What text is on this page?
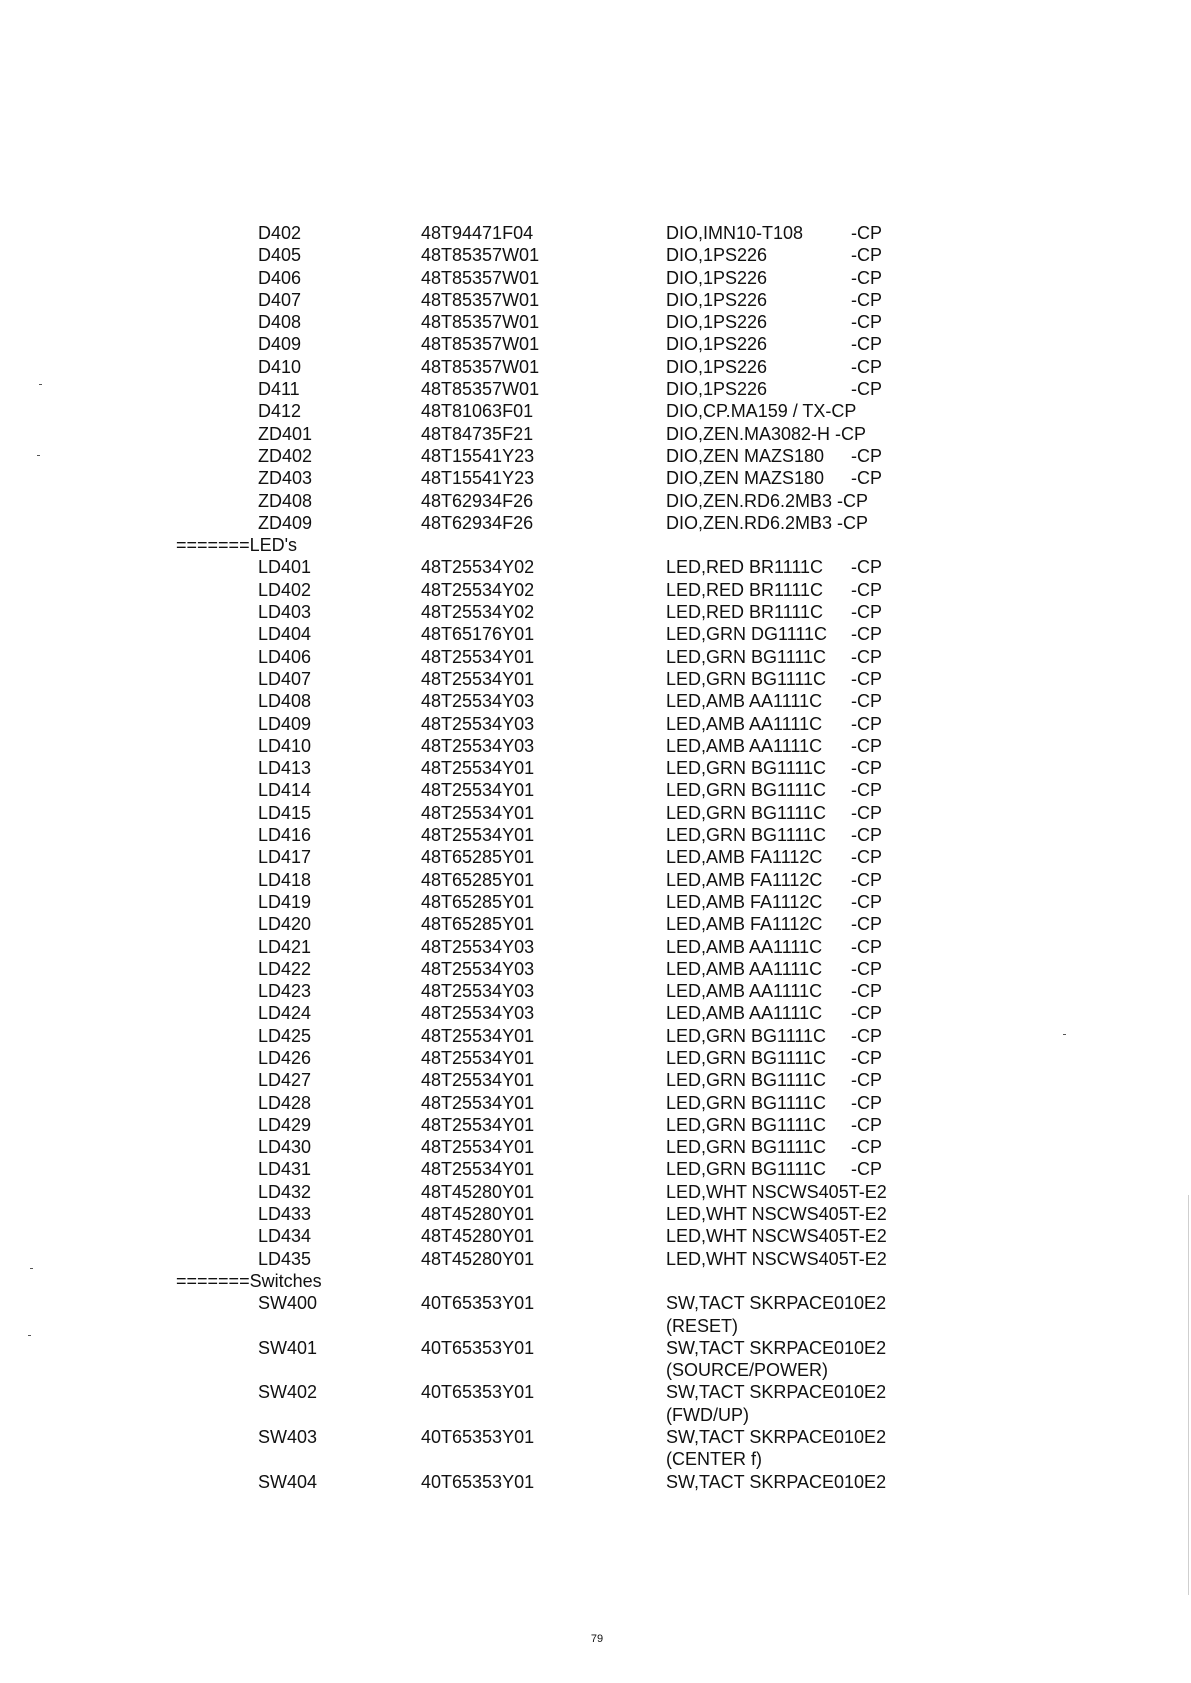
D402	48T94471F04	DIO,IMN10-T108	-CP
D405	48T85357W01	DIO,1PS226	-CP
D406	48T85357W01	DIO,1PS226	-CP
D407	48T85357W01	DIO,1PS226	-CP
D408	48T85357W01	DIO,1PS226	-CP
D409	48T85357W01	DIO,1PS226	-CP
D410	48T85357W01	DIO,1PS226	-CP
D411	48T85357W01	DIO,1PS226	-CP
D412	48T81063F01	DIO,CP.MA159 / TX-CP
ZD401	48T84735F21	DIO,ZEN.MA3082-H -CP
ZD402	48T15541Y23	DIO,ZEN MAZS180 -CP
ZD403	48T15541Y23	DIO,ZEN MAZS180 -CP
ZD408	48T62934F26	DIO,ZEN.RD6.2MB3 -CP
ZD409	48T62934F26	DIO,ZEN.RD6.2MB3 -CP
=======LED's
LD401	48T25534Y02	LED,RED BR1111C -CP
LD402	48T25534Y02	LED,RED BR1111C -CP
LD403	48T25534Y02	LED,RED BR1111C -CP
LD404	48T65176Y01	LED,GRN DG1111C -CP
LD406	48T25534Y01	LED,GRN BG1111C -CP
LD407	48T25534Y01	LED,GRN BG1111C -CP
LD408	48T25534Y03	LED,AMB AA1111C -CP
LD409	48T25534Y03	LED,AMB AA1111C -CP
LD410	48T25534Y03	LED,AMB AA1111C -CP
LD413	48T25534Y01	LED,GRN BG1111C -CP
LD414	48T25534Y01	LED,GRN BG1111C -CP
LD415	48T25534Y01	LED,GRN BG1111C -CP
LD416	48T25534Y01	LED,GRN BG1111C -CP
LD417	48T65285Y01	LED,AMB FA1112C -CP
LD418	48T65285Y01	LED,AMB FA1112C -CP
LD419	48T65285Y01	LED,AMB FA1112C -CP
LD420	48T65285Y01	LED,AMB FA1112C -CP
LD421	48T25534Y03	LED,AMB AA1111C -CP
LD422	48T25534Y03	LED,AMB AA1111C -CP
LD423	48T25534Y03	LED,AMB AA1111C -CP
LD424	48T25534Y03	LED,AMB AA1111C -CP
LD425	48T25534Y01	LED,GRN BG1111C -CP
LD426	48T25534Y01	LED,GRN BG1111C -CP
LD427	48T25534Y01	LED,GRN BG1111C -CP
LD428	48T25534Y01	LED,GRN BG1111C -CP
LD429	48T25534Y01	LED,GRN BG1111C -CP
LD430	48T25534Y01	LED,GRN BG1111C -CP
LD431	48T25534Y01	LED,GRN BG1111C -CP
LD432	48T45280Y01	LED,WHT NSCWS405T-E2
LD433	48T45280Y01	LED,WHT NSCWS405T-E2
LD434	48T45280Y01	LED,WHT NSCWS405T-E2
LD435	48T45280Y01	LED,WHT NSCWS405T-E2
=======Switches
SW400	40T65353Y01	SW,TACT SKRPACE010E2
(RESET)
SW401	40T65353Y01	SW,TACT SKRPACE010E2
(SOURCE/POWER)
SW402	40T65353Y01	SW,TACT SKRPACE010E2
(FWD/UP)
SW403	40T65353Y01	SW,TACT SKRPACE010E2
(CENTER f)
SW404	40T65353Y01	SW,TACT SKRPACE010E2
79
